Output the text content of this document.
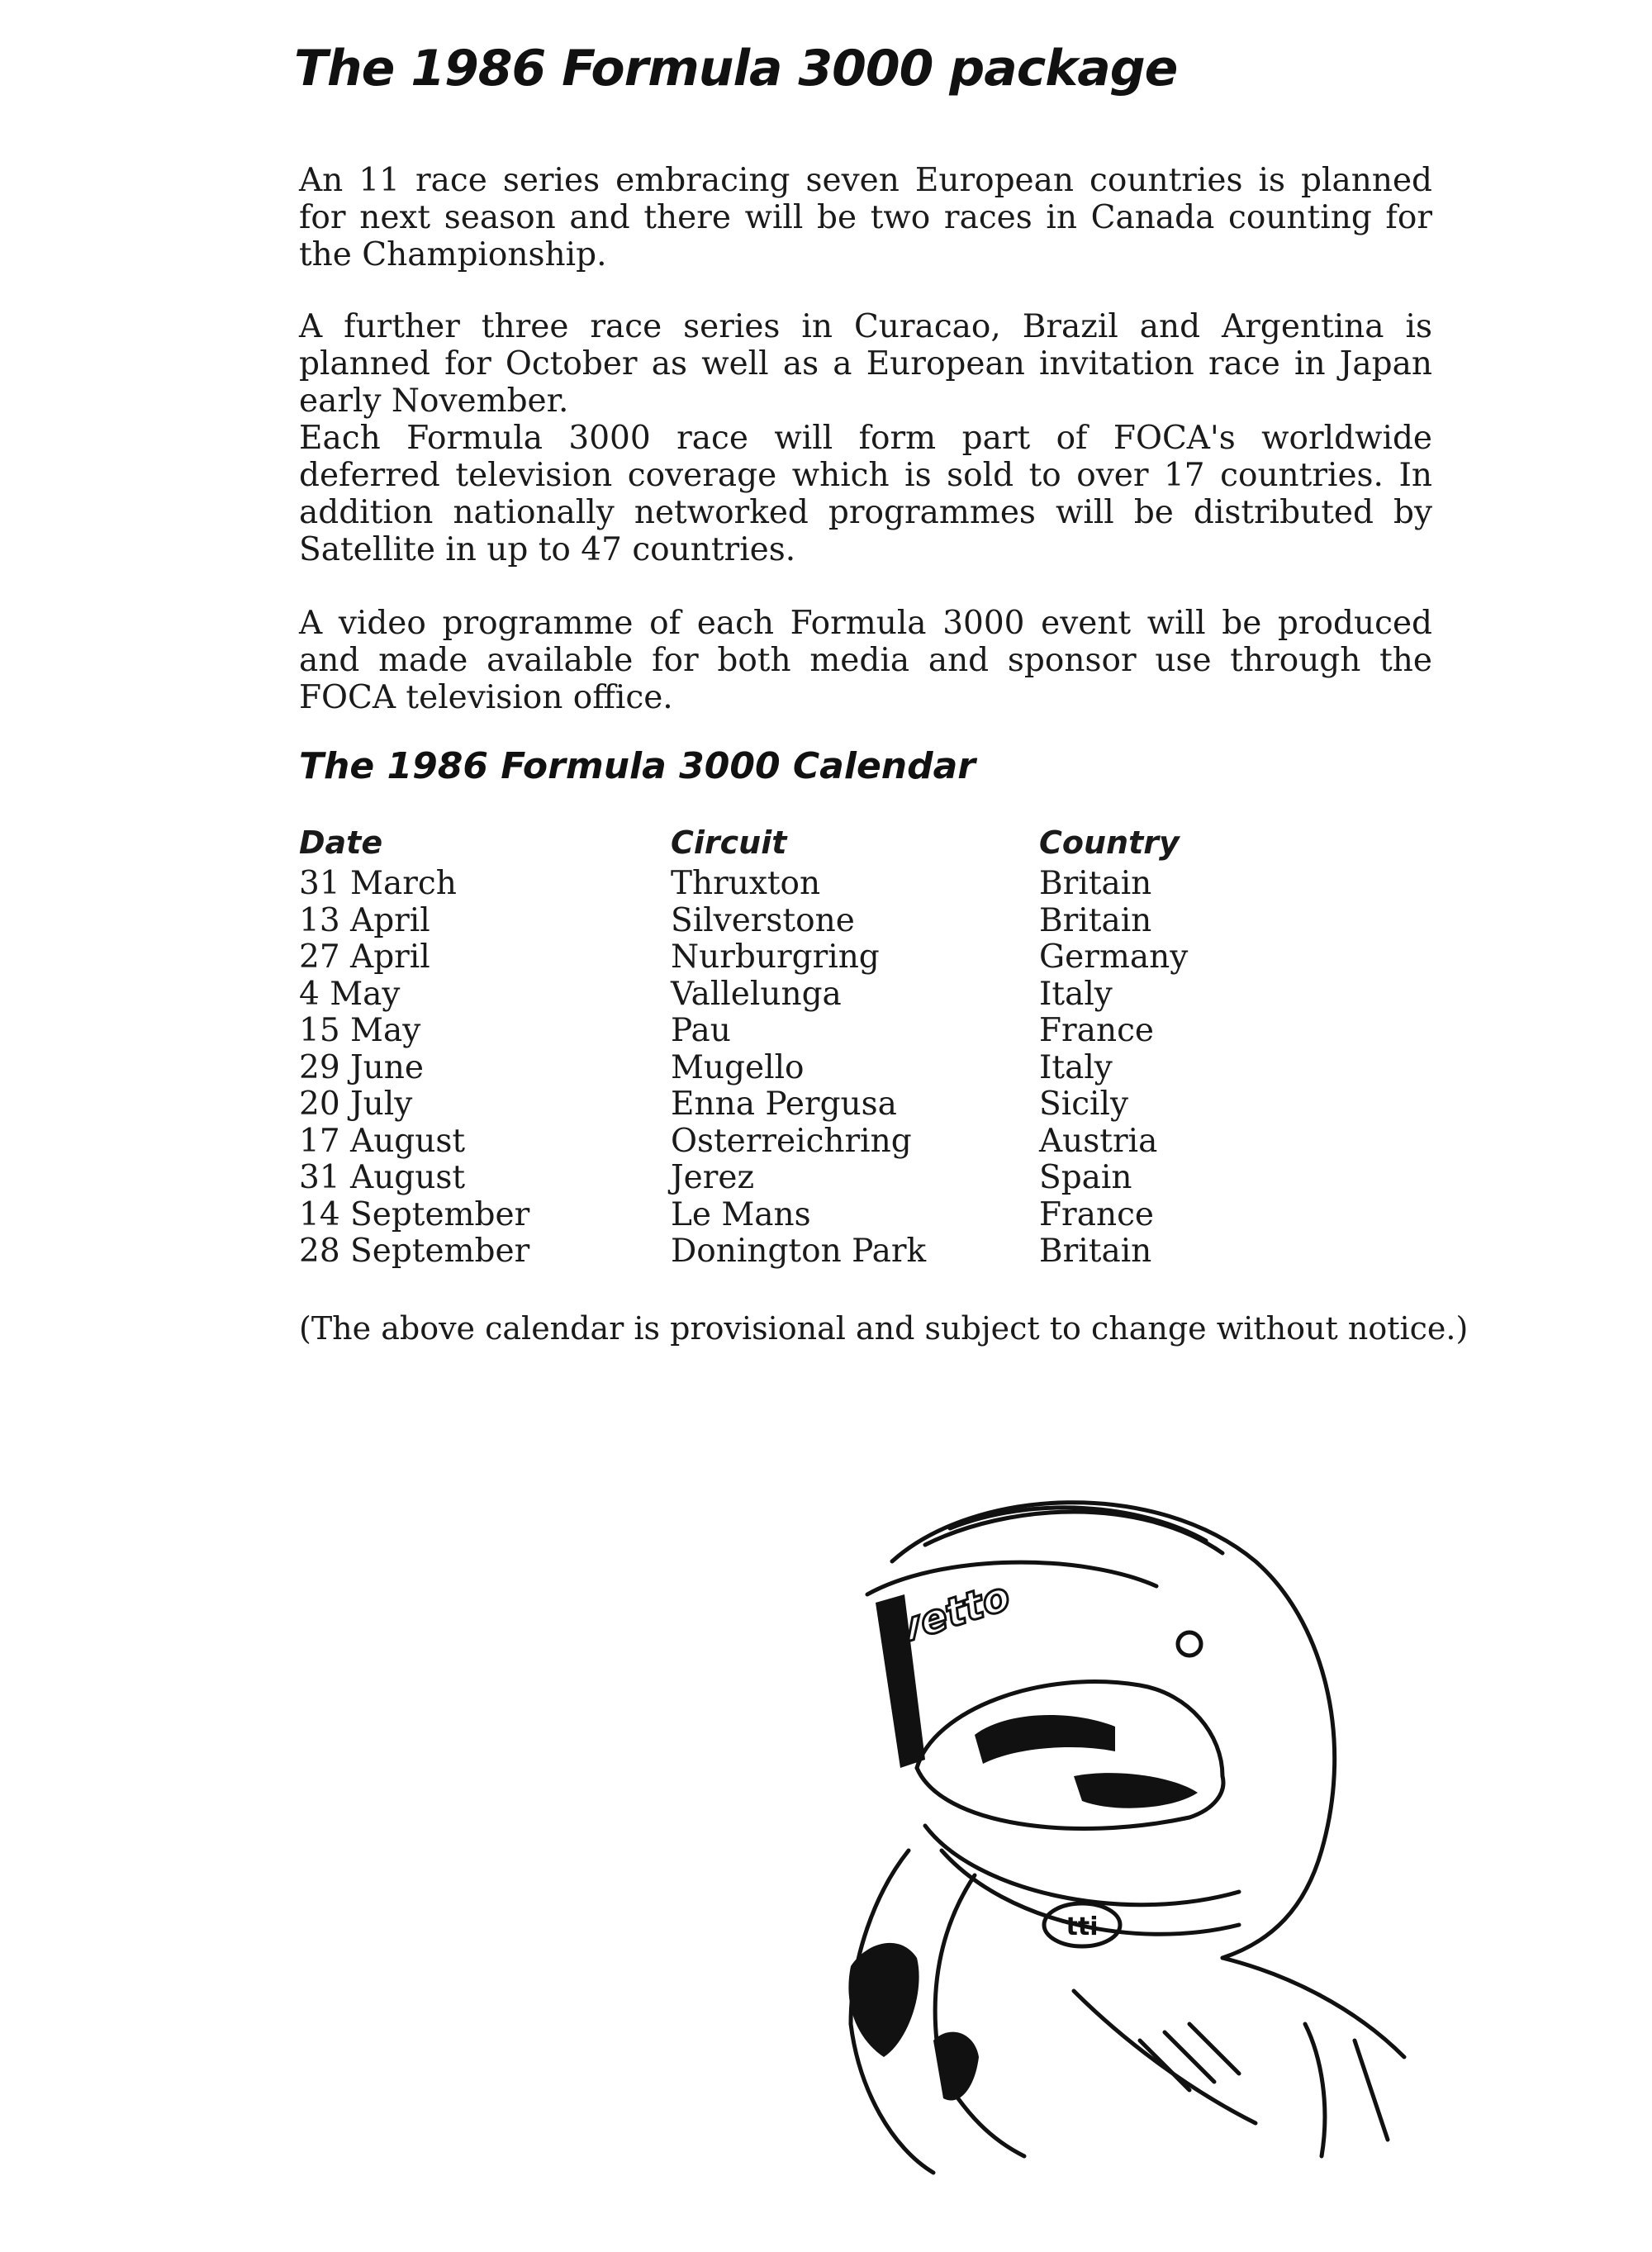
The 1986 Formula 3000 package

An 11 race series embracing seven European countries is planned for next season and there will be two races in Canada counting for the Championship.

A further three race series in Curacao, Brazil and Argentina is planned for October as well as a European invitation race in Japan early November.

Each Formula 3000 race will form part of FOCA's worldwide deferred television coverage which is sold to over 17 countries. In addition nationally networked programmes will be distributed by Satellite in up to 47 countries.

A video programme of each Formula 3000 event will be produced and made available for both media and sponsor use through the FOCA television office.

The 1986 Formula 3000 Calendar
Date	Circuit	Country
31 March	Thruxton	Britain
13 April	Silverstone	Britain
27 April	Nurburgring	Germany
4 May	Vallelunga	Italy
15 May	Pau	France
29 June	Mugello	Italy
20 July	Enna Pergusa	Sicily
17 August	Osterreichring	Austria
31 August	Jerez	Spain
14 September	Le Mans	France
28 September	Donington Park	Britain

(The above calendar is provisional and subject to change without notice.)

vetto
tti
